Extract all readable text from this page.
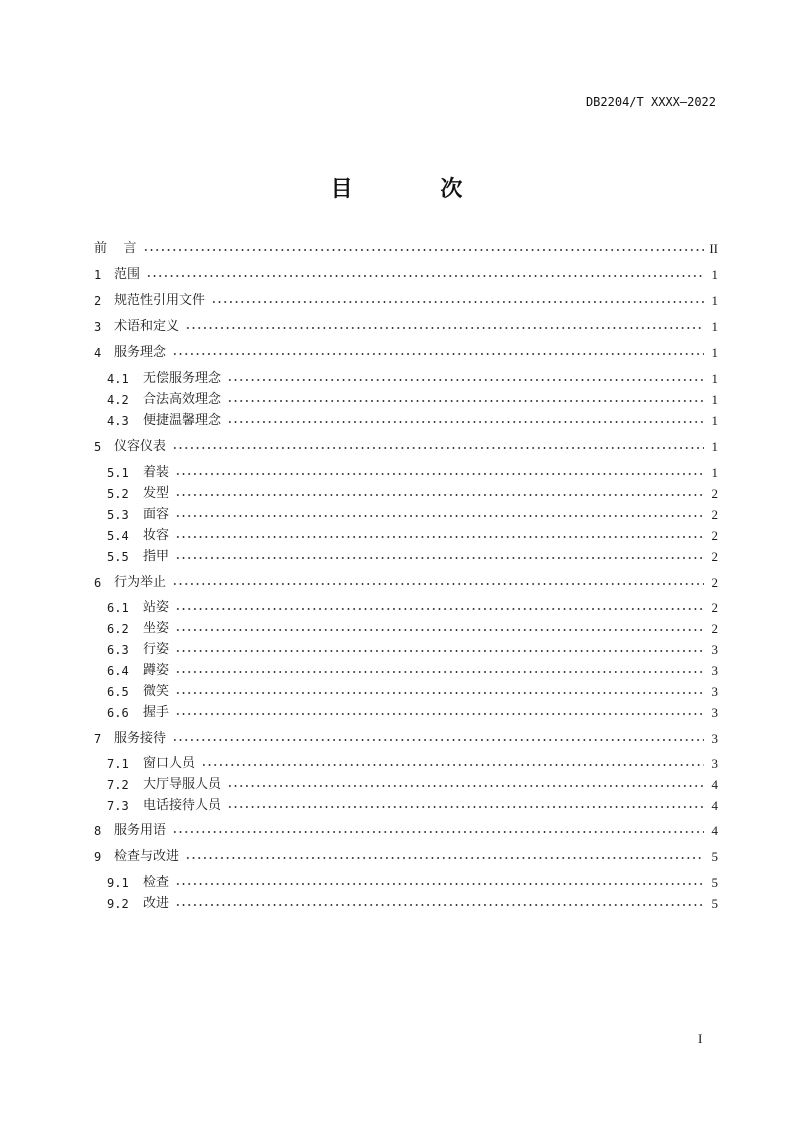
DB2204/T XXXX—2022
目 次
前    言	II
1 范围	1
2 规范性引用文件	1
3 术语和定义	1
4 服务理念	1
4.1	无偿服务理念	1
4.2	合法高效理念	1
4.3	便捷温馨理念	1
5 仪容仪表	1
5.1	着装	1
5.2	发型	2
5.3	面容	2
5.4	妆容	2
5.5	指甲	2
6 行为举止	2
6.1	站姿	2
6.2	坐姿	2
6.3	行姿	3
6.4	蹲姿	3
6.5	微笑	3
6.6	握手	3
7 服务接待	3
7.1	窗口人员	3
7.2	大厅导服人员	4
7.3	电话接待人员	4
8 服务用语	4
9 检查与改进	5
9.1	检查	5
9.2	改进	5
I
